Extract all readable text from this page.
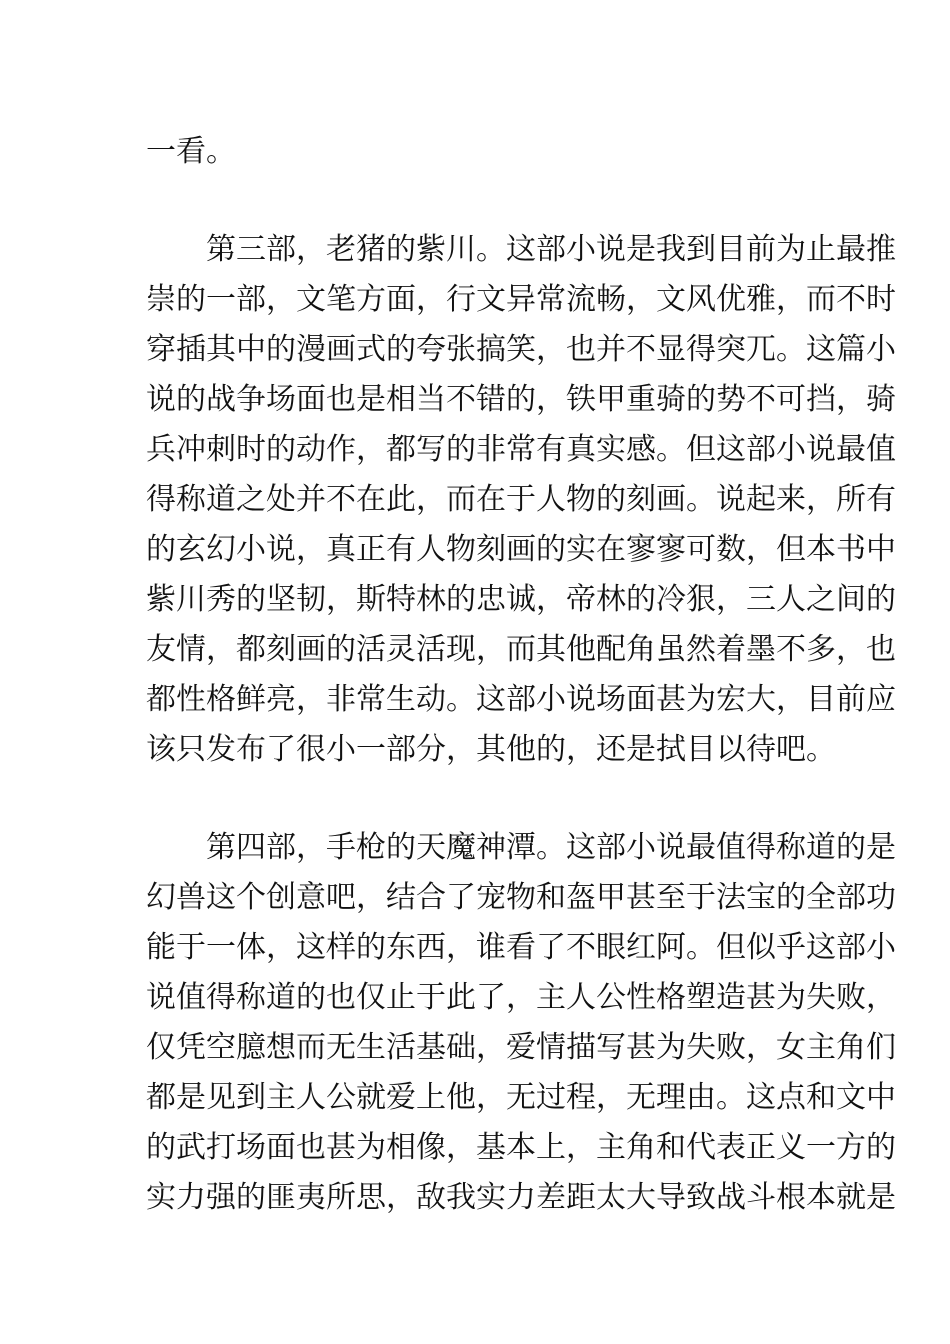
一看。

第三部，老猪的紫川。这部小说是我到目前为止最推

崇的一部，文笔方面，行文异常流畅，文风优雅，而不时

穿插其中的漫画式的夸张搞笑，也并不显得突兀。这篇小

说的战争场面也是相当不错的，铁甲重骑的势不可挡，骑

兵冲刺时的动作，都写的非常有真实感。但这部小说最值

得称道之处并不在此，而在于人物的刻画。说起来，所有

的玄幻小说，真正有人物刻画的实在寥寥可数，但本书中

紫川秀的坚韧，斯特林的忠诚，帝林的冷狠，三人之间的

友情，都刻画的活灵活现，而其他配角虽然着墨不多，也

都性格鲜亮，非常生动。这部小说场面甚为宏大，目前应

该只发布了很小一部分，其他的，还是拭目以待吧。

第四部，手枪的天魔神潭。这部小说最值得称道的是

幻兽这个创意吧，结合了宠物和盔甲甚至于法宝的全部功

能于一体，这样的东西，谁看了不眼红阿。但似乎这部小

说值得称道的也仅止于此了，主人公性格塑造甚为失败，

仅凭空臆想而无生活基础，爱情描写甚为失败，女主角们

都是见到主人公就爱上他，无过程，无理由。这点和文中

的武打场面也甚为相像，基本上，主角和代表正义一方的

实力强的匪夷所思，敌我实力差距太大导致战斗根本就是
